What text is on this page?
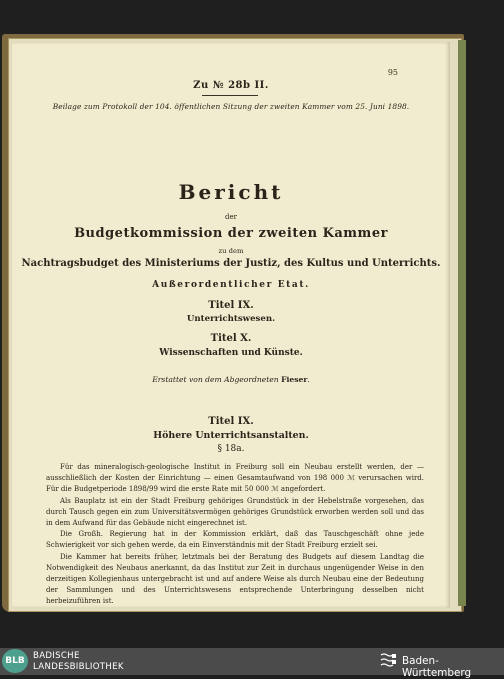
95
Zu № 28b II.
Beilage zum Protokoll der 104. öffentlichen Sitzung der zweiten Kammer vom 25. Juni 1898.
Bericht
der
Budgetkommission der zweiten Kammer
zu dem
Nachtragsbudget des Ministeriums der Justiz, des Kultus und Unterrichts.
Außerordentlicher Etat.
Titel IX.
Unterrichtswesen.
Titel X.
Wissenschaften und Künste.
Erstattet von dem Abgeordneten Fieser.
Titel IX.
Höhere Unterrichtsanstalten.
§ 18a.

Für das mineralogisch-geologische Institut in Freiburg soll ein Neubau erstellt werden, der — ausschließlich der Kosten der Einrichtung — einen Gesamtaufwand von 198 000 ℳ verursachen wird. Für die Budgetperiode 1898/99 wird die erste Rate mit 50 000 ℳ angefordert.

Als Bauplatz ist ein der Stadt Freiburg gehöriges Grundstück in der Hebelstraße vorgesehen, das durch Tausch gegen ein zum Universitätsvermögen gehöriges Grundstück erworben werden soll und das in dem Aufwand für das Gebäude nicht eingerechnet ist.

Die Großh. Regierung hat in der Kommission erklärt, daß das Tauschgeschäft ohne jede Schwierigkeit vor sich gehen werde, da ein Einverständnis mit der Stadt Freiburg erzielt sei.

Die Kammer hat bereits früher, letztmals bei der Beratung des Budgets auf diesem Landtag die Notwendigkeit des Neubaus anerkannt, da das Institut zur Zeit in durchaus ungenügender Weise in den derzeitigen Kollegienhaus untergebracht ist und auf andere Weise als durch Neubau eine der Bedeutung der Sammlungen und des Unterrichtswesens entsprechende Unterbringung desselben nicht herbeizuführen ist.

BLB BADISCHE
LANDESBIBLIOTHEK	Baden-Württemberg
